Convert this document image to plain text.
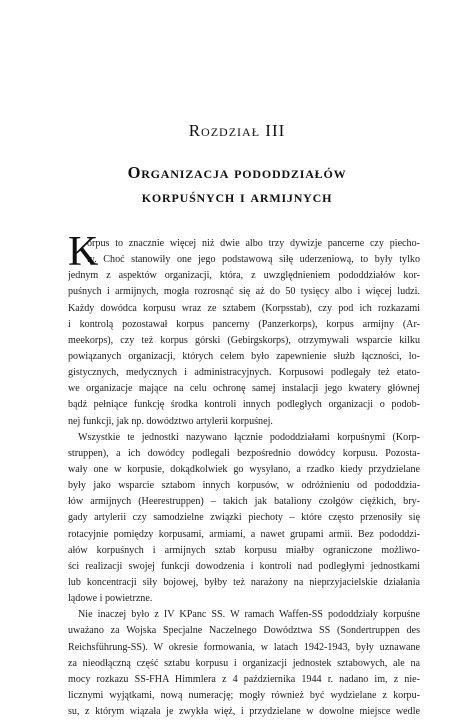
Rozdział III
Organizacja pododdziałów
korpuśnych i armijnych
K
orpus to znacznie więcej niż dwie albo trzy dywizje pancerne czy piecho-
ty. Choć stanowiły one jego podstawową siłę uderzeniową, to były tylko
jednym z aspektów organizacji, która, z uwzględnieniem pododdziałów kor-
puśnych i armijnych, mogła rozrosnąć się aż do 50 tysięcy albo i więcej ludzi.
Każdy dowódca korpusu wraz ze sztabem (Korpsstab), czy pod ich rozkazami
i kontrolą pozostawał korpus pancerny (Panzerkorps), korpus armijny (Ar-
meekorps), czy też korpus górski (Gebirgskorps), otrzymywali wsparcie kilku
powiązanych organizacji, których celem było zapewnienie służb łączności, lo-
gistycznych, medycznych i administracyjnych. Korpusowi podlegały też etato-
we organizacje mające na celu ochronę samej instalacji jego kwatery głównej
bądź pełniące funkcję środka kontroli innych podległych organizacji o podob-
nej funkcji, jak np. dowództwo artylerii korpuśnej.
Wszystkie te jednostki nazywano łącznie pododdziałami korpuśnymi (Korp-
struppen), a ich dowódcy podlegali bezpośrednio dowódcy korpusu. Pozosta-
wały one w korpusie, dokądkolwiek go wysyłano, a rzadko kiedy przydzielane
były jako wsparcie sztabom innych korpusów, w odróżnieniu od pododdzia-
łów armijnych (Heerestruppen) – takich jak bataliony czołgów ciężkich, bry-
gady artylerii czy samodzielne związki piechoty – które często przenosiły się
rotacyjnie pomiędzy korpusami, armiami, a nawet grupami armii. Bez pododdzi-
ałów korpuśnych i armijnych sztab korpusu miałby ograniczone możliwo-
ści realizacji swojej funkcji dowodzenia i kontroli nad podległymi jednostkami
lub koncentracji siły bojowej, byłby też narażony na nieprzyjacielskie działania
lądowe i powietrzne.
Nie inaczej było z IV KPanc SS. W ramach Waffen-SS pododdziały korpuśne
uważano za Wojska Specjalne Naczelnego Dowództwa SS (Sondertruppen des
Reichsführung-SS). W okresie formowania, w latach 1942-1943, były uznawane
za nieodłączną część sztabu korpusu i organizacji jednostek sztabowych, ale na
mocy rozkazu SS-FHA Himmlera z 4 października 1944 r. nadano im, z nie-
licznymi wyjątkami, nową numerację; mogły również być wydzielane z korpu-
su, z którym wiązała je zwykła więź, i przydzielane w dowolne miejsce wedle
